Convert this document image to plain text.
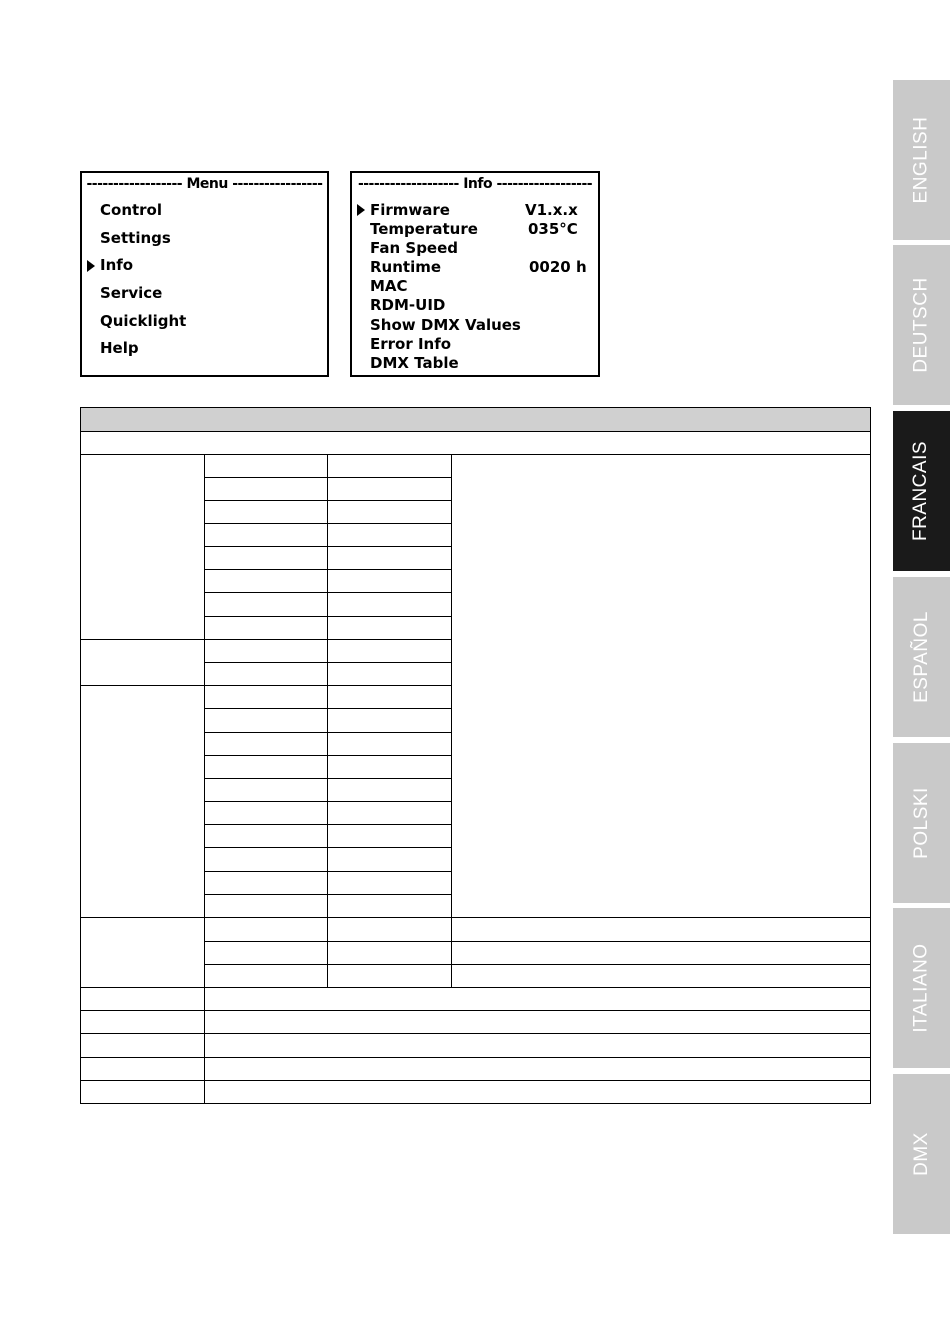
------------------ Menu -----------------
Control
Settings
Info
Service
Quicklight
Help
------------------- Info ------------------
Firmware	V1.x.x
Temperature	035°C
Fan Speed
Runtime	0020 h
MAC
RDM-UID
Show DMX Values
Error Info
DMX Table
ENGLISH
DEUTSCH
FRANCAIS
ESPAÑOL
POLSKI
ITALIANO
DMX
